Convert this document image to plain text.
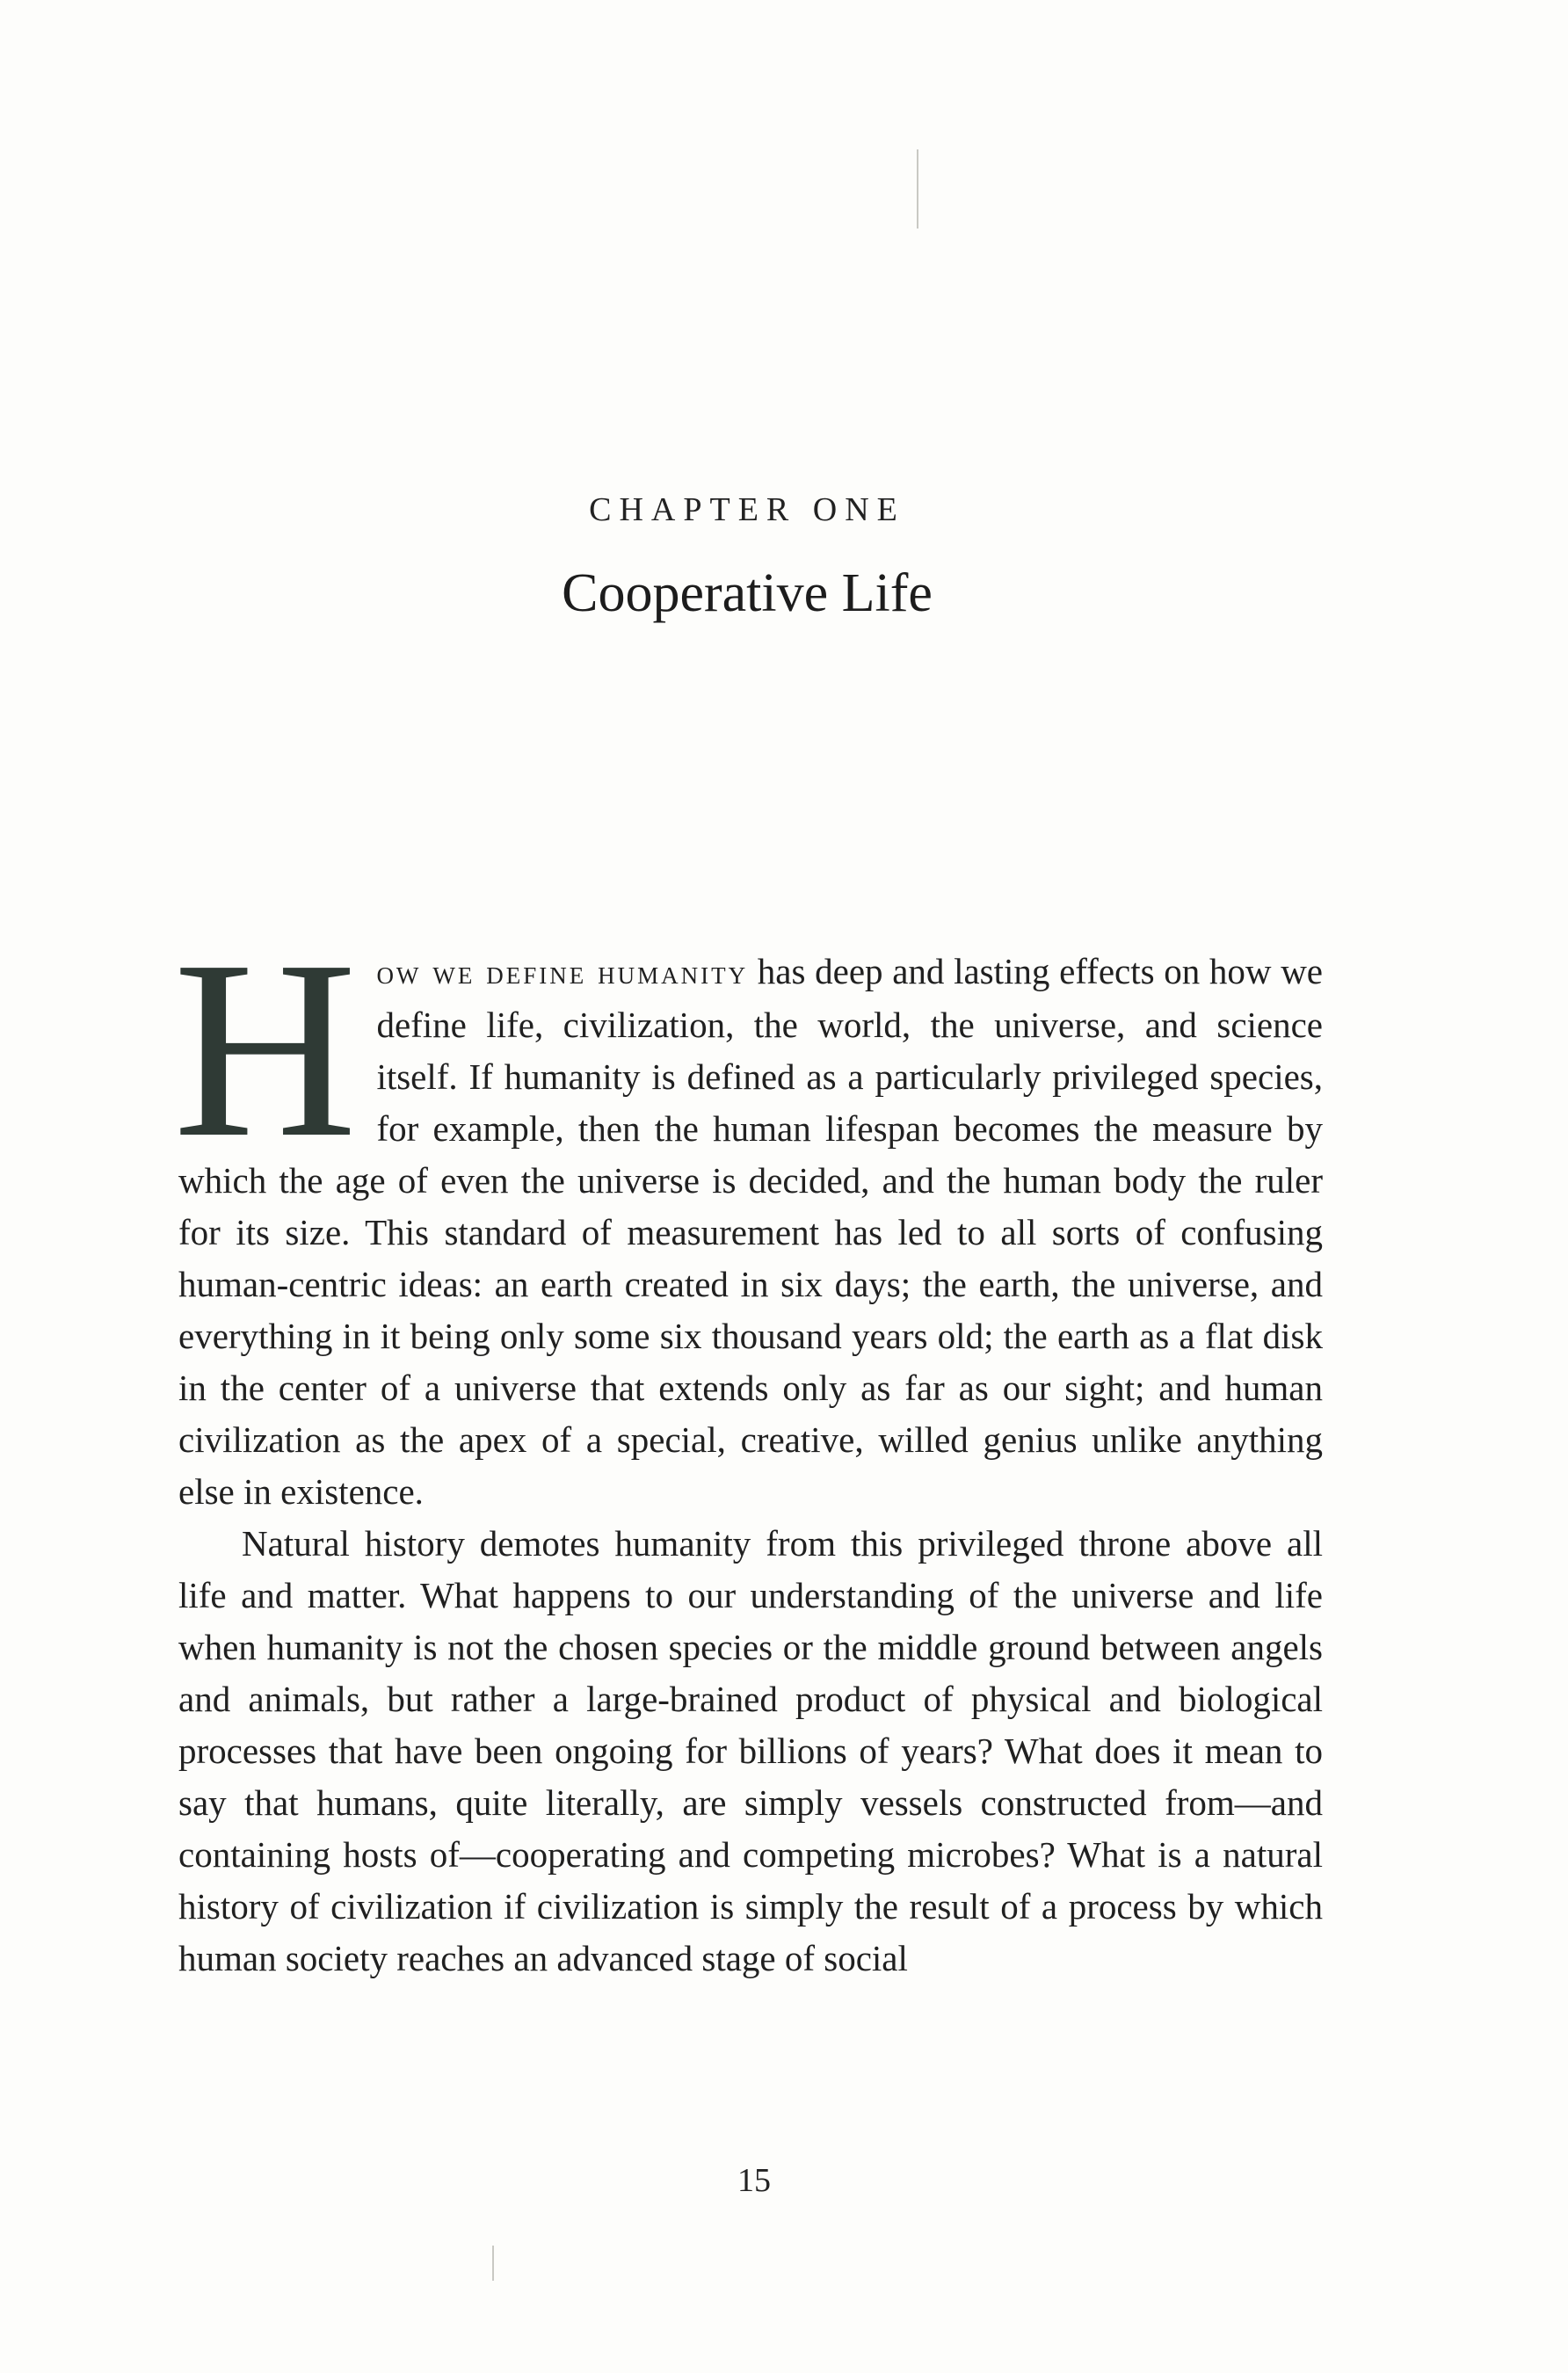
CHAPTER ONE
Cooperative Life

How we define humanity has deep and lasting effects on how we define life, civilization, the world, the universe, and science itself. If humanity is defined as a particularly privileged species, for example, then the human lifespan becomes the measure by which the age of even the universe is decided, and the human body the ruler for its size. This standard of measurement has led to all sorts of confusing human-centric ideas: an earth created in six days; the earth, the universe, and everything in it being only some six thousand years old; the earth as a flat disk in the center of a universe that extends only as far as our sight; and human civilization as the apex of a special, creative, willed genius unlike anything else in existence.

Natural history demotes humanity from this privileged throne above all life and matter. What happens to our understanding of the universe and life when humanity is not the chosen species or the middle ground between angels and animals, but rather a large-brained product of physical and biological processes that have been ongoing for billions of years? What does it mean to say that humans, quite literally, are simply vessels constructed from—and containing hosts of—cooperating and competing microbes? What is a natural history of civilization if civilization is simply the result of a process by which human society reaches an advanced stage of social

15
